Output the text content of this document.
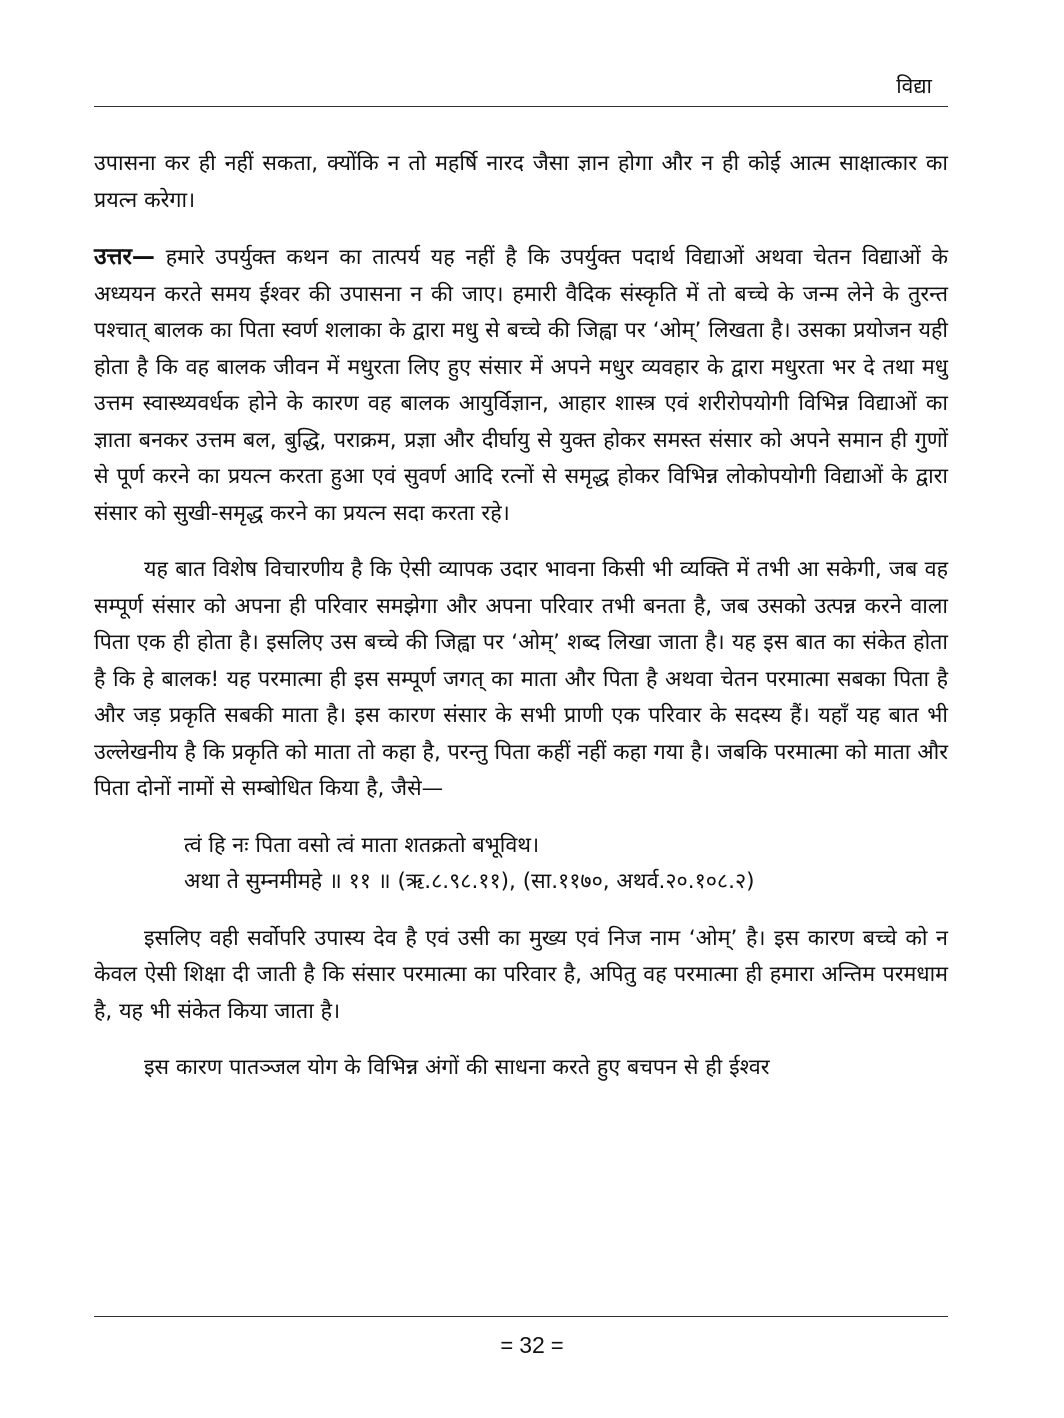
विद्या

उपासना कर ही नहीं सकता, क्योंकि न तो महर्षि नारद जैसा ज्ञान होगा और न ही कोई आत्म साक्षात्कार का प्रयत्न करेगा।

उत्तर— हमारे उपर्युक्त कथन का तात्पर्य यह नहीं है कि उपर्युक्त पदार्थ विद्याओं अथवा चेतन विद्याओं के अध्ययन करते समय ईश्वर की उपासना न की जाए। हमारी वैदिक संस्कृति में तो बच्चे के जन्म लेने के तुरन्त पश्चात् बालक का पिता स्वर्ण शलाका के द्वारा मधु से बच्चे की जिह्वा पर ‘ओम्’ लिखता है। उसका प्रयोजन यही होता है कि वह बालक जीवन में मधुरता लिए हुए संसार में अपने मधुर व्यवहार के द्वारा मधुरता भर दे तथा मधु उत्तम स्वास्थ्यवर्धक होने के कारण वह बालक आयुर्विज्ञान, आहार शास्त्र एवं शरीरोपयोगी विभिन्न विद्याओं का ज्ञाता बनकर उत्तम बल, बुद्धि, पराक्रम, प्रज्ञा और दीर्घायु से युक्त होकर समस्त संसार को अपने समान ही गुणों से पूर्ण करने का प्रयत्न करता हुआ एवं सुवर्ण आदि रत्नों से समृद्ध होकर विभिन्न लोकोपयोगी विद्याओं के द्वारा संसार को सुखी-समृद्ध करने का प्रयत्न सदा करता रहे।

यह बात विशेष विचारणीय है कि ऐसी व्यापक उदार भावना किसी भी व्यक्ति में तभी आ सकेगी, जब वह सम्पूर्ण संसार को अपना ही परिवार समझेगा और अपना परिवार तभी बनता है, जब उसको उत्पन्न करने वाला पिता एक ही होता है। इसलिए उस बच्चे की जिह्वा पर ‘ओम्’ शब्द लिखा जाता है। यह इस बात का संकेत होता है कि हे बालक! यह परमात्मा ही इस सम्पूर्ण जगत् का माता और पिता है अथवा चेतन परमात्मा सबका पिता है और जड़ प्रकृति सबकी माता है। इस कारण संसार के सभी प्राणी एक परिवार के सदस्य हैं। यहाँ यह बात भी उल्लेखनीय है कि प्रकृति को माता तो कहा है, परन्तु पिता कहीं नहीं कहा गया है। जबकि परमात्मा को माता और पिता दोनों नामों से सम्बोधित किया है, जैसे—

त्वं हि नः पिता वसो त्वं माता शतक्रतो बभूविथ।
अथा ते सुम्नमीमहे ॥ ११ ॥ (ऋ.८.९८.११), (सा.११७०, अथर्व.२०.१०८.२)

इसलिए वही सर्वोपरि उपास्य देव है एवं उसी का मुख्य एवं निज नाम ‘ओम्’ है। इस कारण बच्चे को न केवल ऐसी शिक्षा दी जाती है कि संसार परमात्मा का परिवार है, अपितु वह परमात्मा ही हमारा अन्तिम परमधाम है, यह भी संकेत किया जाता है।

इस कारण पातञ्जल योग के विभिन्न अंगों की साधना करते हुए बचपन से ही ईश्वर

= 32 =
